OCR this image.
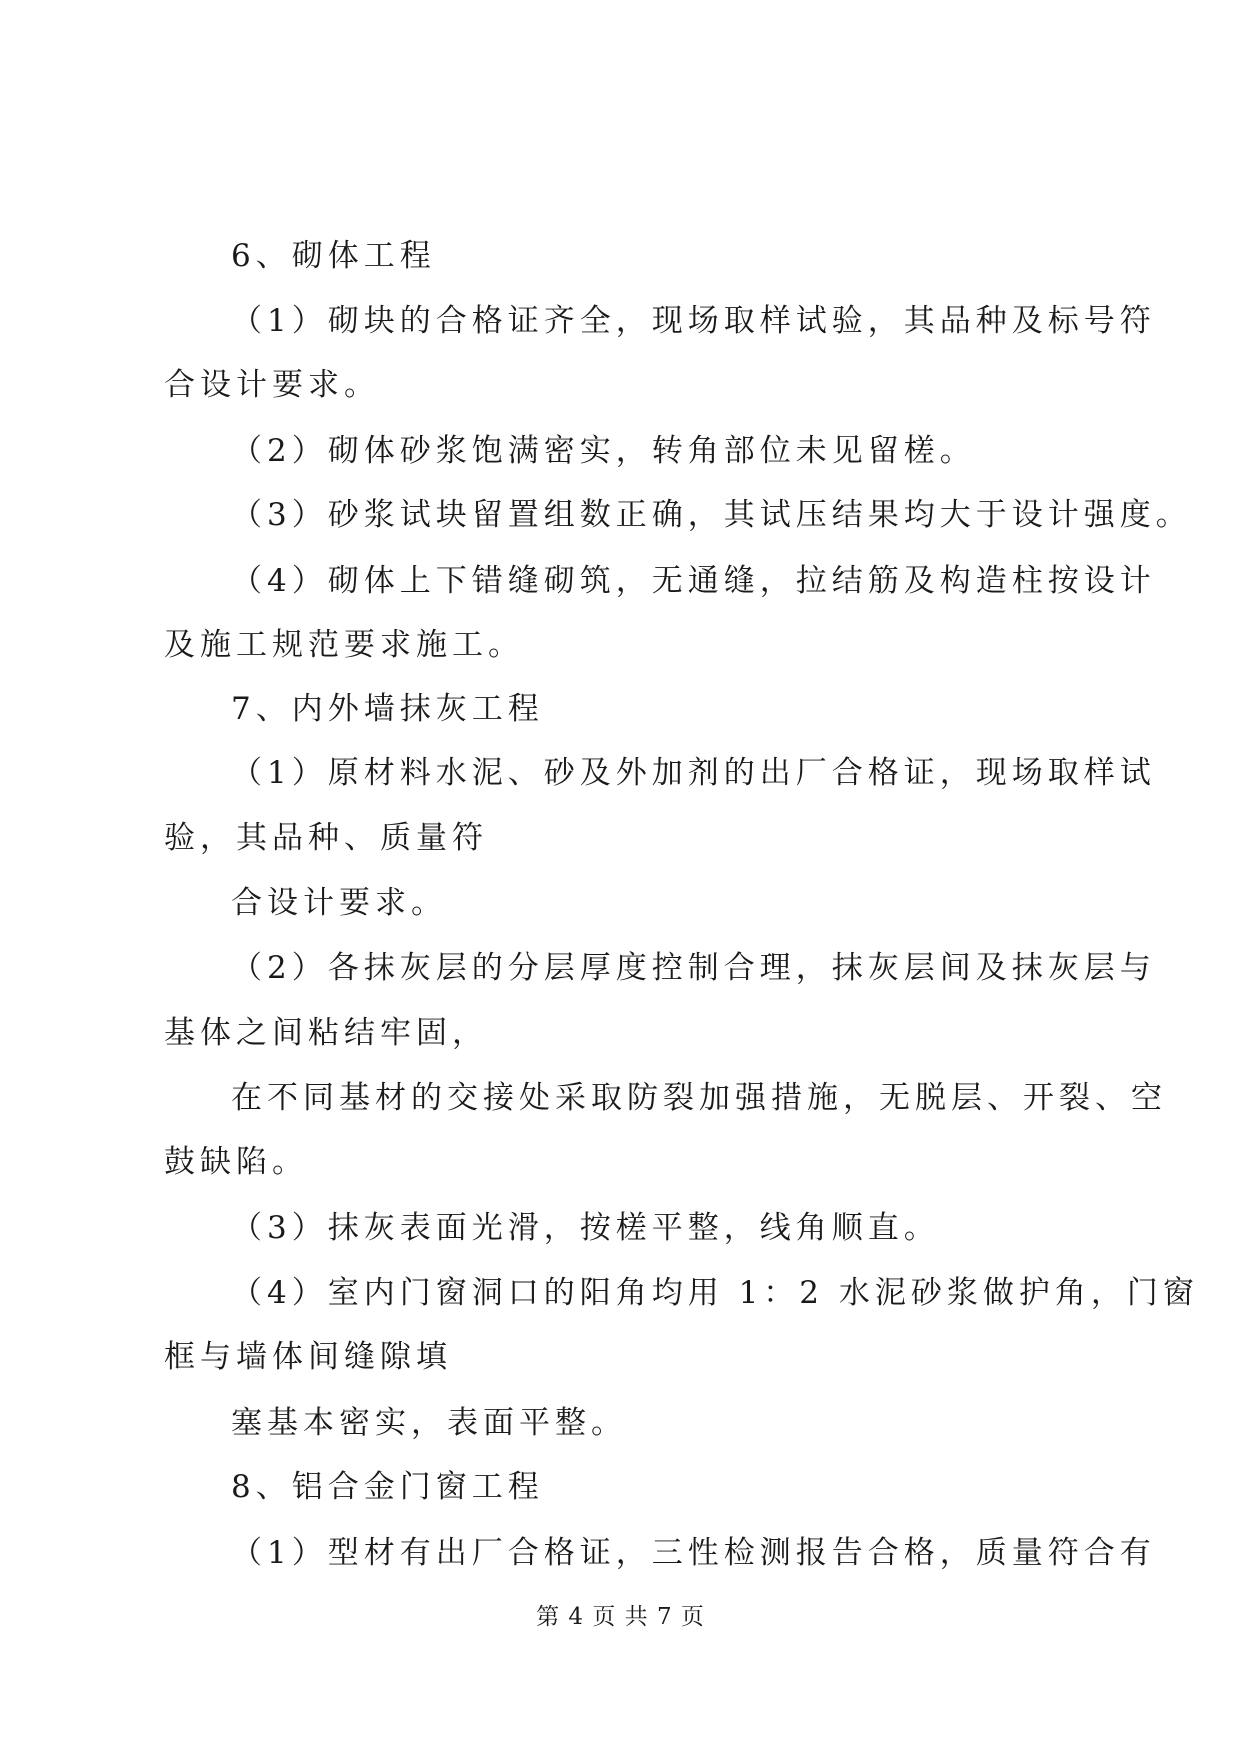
6、砌体工程
（1）砌块的合格证齐全，现场取样试验，其品种及标号符
合设计要求。
（2）砌体砂浆饱满密实，转角部位未见留槎。
（3）砂浆试块留置组数正确，其试压结果均大于设计强度。
（4）砌体上下错缝砌筑，无通缝，拉结筋及构造柱按设计
及施工规范要求施工。
7、内外墙抹灰工程
（1）原材料水泥、砂及外加剂的出厂合格证，现场取样试
验，其品种、质量符
合设计要求。
（2）各抹灰层的分层厚度控制合理，抹灰层间及抹灰层与
基体之间粘结牢固，
在不同基材的交接处采取防裂加强措施，无脱层、开裂、空
鼓缺陷。
（3）抹灰表面光滑，按槎平整，线角顺直。
（4）室内门窗洞口的阳角均用 1：2 水泥砂浆做护角，门窗
框与墙体间缝隙填
塞基本密实，表面平整。
8、铝合金门窗工程
（1）型材有出厂合格证，三性检测报告合格，质量符合有
第 4 页 共 7 页
